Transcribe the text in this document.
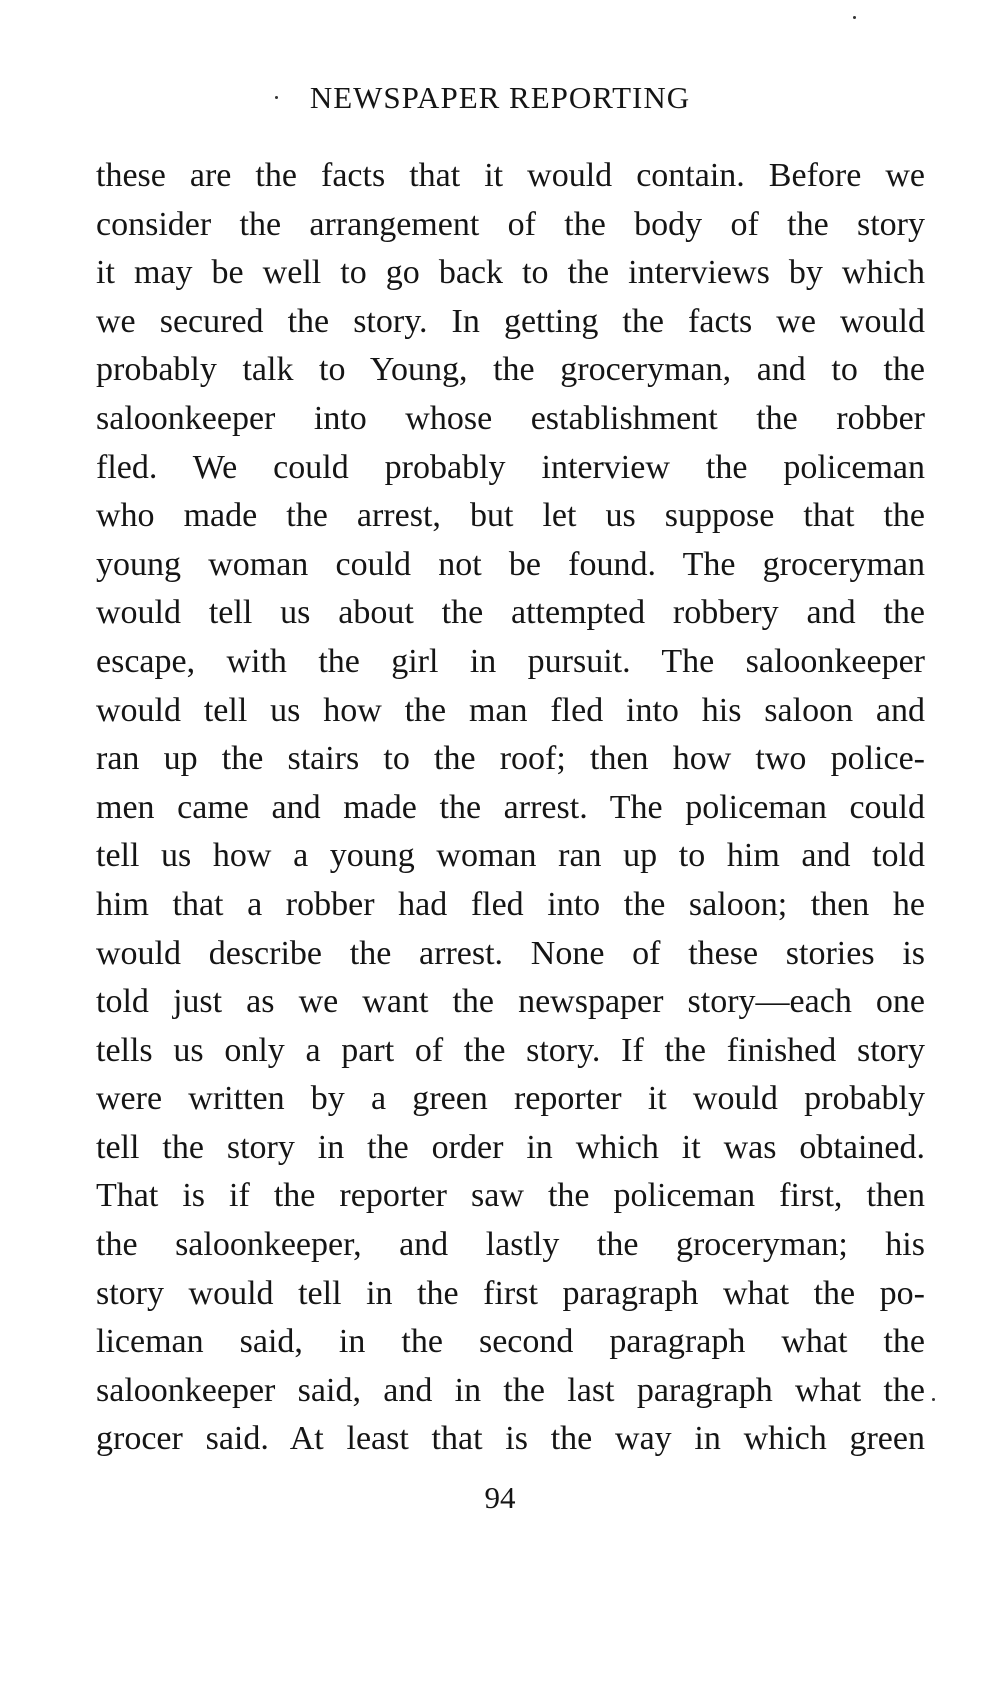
NEWSPAPER REPORTING
these are the facts that it would contain. Before we
consider the arrangement of the body of the story
it may be well to go back to the interviews by which
we secured the story. In getting the facts we would
probably talk to Young, the groceryman, and to the
saloonkeeper into whose establishment the robber
fled. We could probably interview the policeman
who made the arrest, but let us suppose that the
young woman could not be found. The groceryman
would tell us about the attempted robbery and the
escape, with the girl in pursuit. The saloonkeeper
would tell us how the man fled into his saloon and
ran up the stairs to the roof; then how two police-
men came and made the arrest. The policeman could
tell us how a young woman ran up to him and told
him that a robber had fled into the saloon; then he
would describe the arrest. None of these stories is
told just as we want the newspaper story—each one
tells us only a part of the story. If the finished story
were written by a green reporter it would probably
tell the story in the order in which it was obtained.
That is if the reporter saw the policeman first, then
the saloonkeeper, and lastly the groceryman; his
story would tell in the first paragraph what the po-
liceman said, in the second paragraph what the
saloonkeeper said, and in the last paragraph what the
grocer said. At least that is the way in which green
94
